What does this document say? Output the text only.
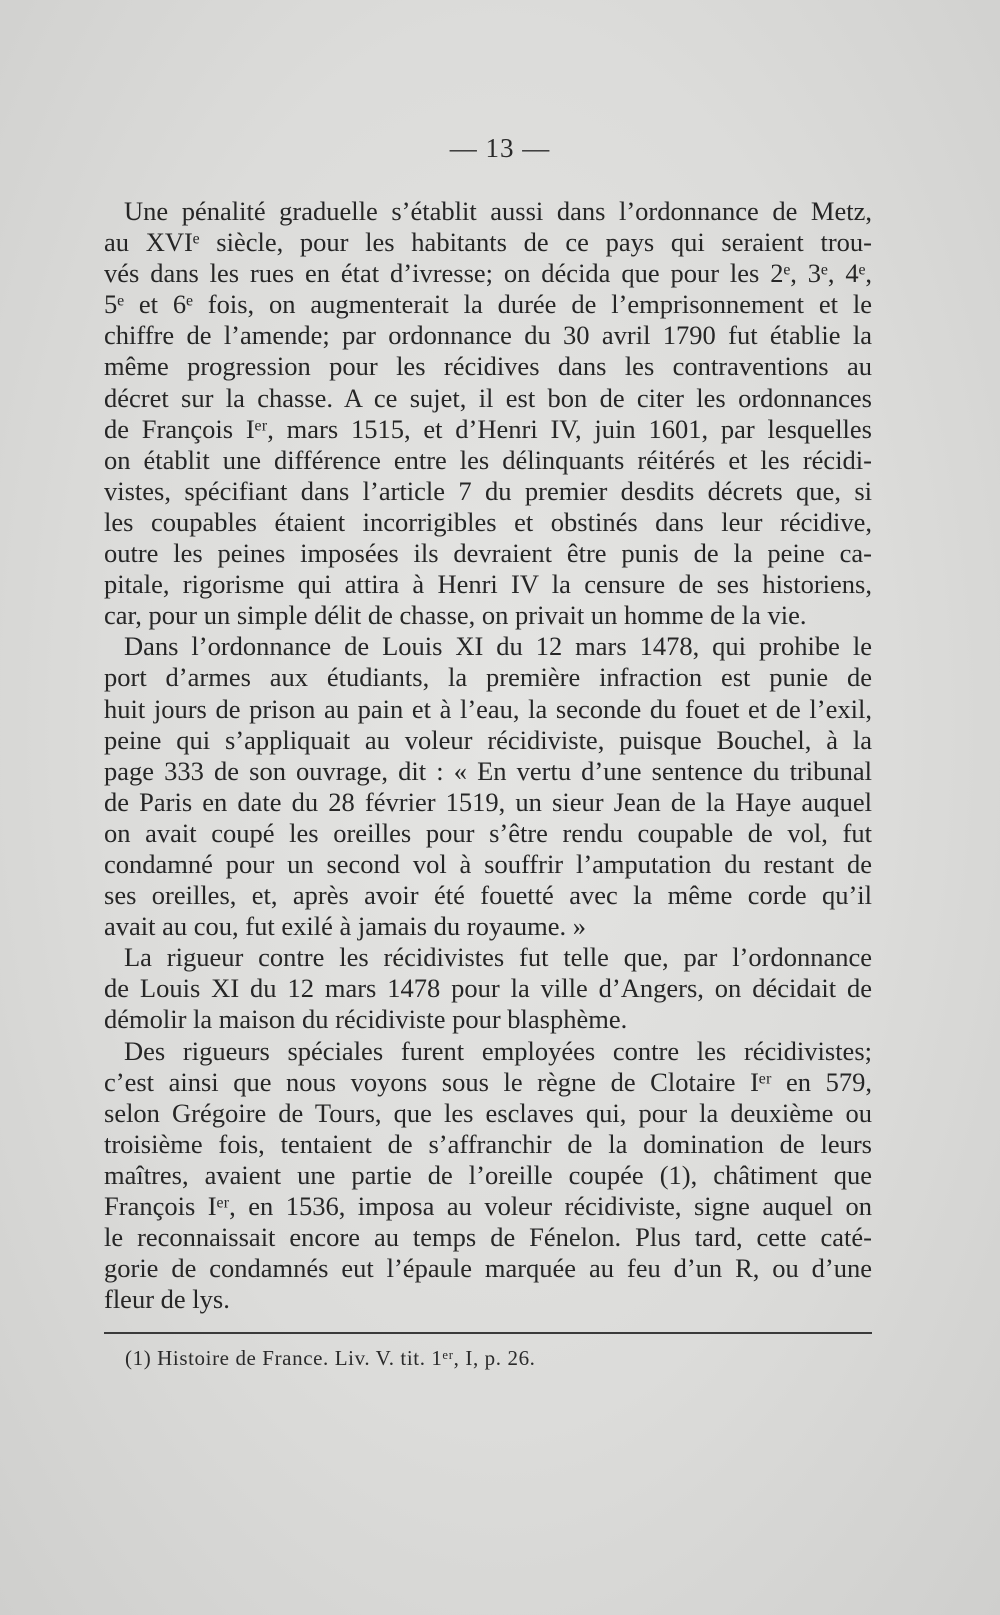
— 13 —
Une pénalité graduelle s’établit aussi dans l’ordonnance de Metz,
au XVIᵉ siècle, pour les habitants de ce pays qui seraient trou-
vés dans les rues en état d’ivresse; on décida que pour les 2ᵉ, 3ᵉ, 4ᵉ,
5ᵉ et 6ᵉ fois, on augmenterait la durée de l’emprisonnement et le
chiffre de l’amende; par ordonnance du 30 avril 1790 fut établie la
même progression pour les récidives dans les contraventions au
décret sur la chasse. A ce sujet, il est bon de citer les ordonnances
de François Iᵉʳ, mars 1515, et d’Henri IV, juin 1601, par lesquelles
on établit une différence entre les délinquants réitérés et les récidi-
vistes, spécifiant dans l’article 7 du premier desdits décrets que, si
les coupables étaient incorrigibles et obstinés dans leur récidive,
outre les peines imposées ils devraient être punis de la peine ca-
pitale, rigorisme qui attira à Henri IV la censure de ses historiens,
car, pour un simple délit de chasse, on privait un homme de la vie.
Dans l’ordonnance de Louis XI du 12 mars 1478, qui prohibe le
port d’armes aux étudiants, la première infraction est punie de
huit jours de prison au pain et à l’eau, la seconde du fouet et de l’exil,
peine qui s’appliquait au voleur récidiviste, puisque Bouchel, à la
page 333 de son ouvrage, dit : « En vertu d’une sentence du tribunal
de Paris en date du 28 février 1519, un sieur Jean de la Haye auquel
on avait coupé les oreilles pour s’être rendu coupable de vol, fut
condamné pour un second vol à souffrir l’amputation du restant de
ses oreilles, et, après avoir été fouetté avec la même corde qu’il
avait au cou, fut exilé à jamais du royaume. »
La rigueur contre les récidivistes fut telle que, par l’ordonnance
de Louis XI du 12 mars 1478 pour la ville d’Angers, on décidait de
démolir la maison du récidiviste pour blasphème.
Des rigueurs spéciales furent employées contre les récidivistes;
c’est ainsi que nous voyons sous le règne de Clotaire Iᵉʳ en 579,
selon Grégoire de Tours, que les esclaves qui, pour la deuxième ou
troisième fois, tentaient de s’affranchir de la domination de leurs
maîtres, avaient une partie de l’oreille coupée (1), châtiment que
François Iᵉʳ, en 1536, imposa au voleur récidiviste, signe auquel on
le reconnaissait encore au temps de Fénelon. Plus tard, cette caté-
gorie de condamnés eut l’épaule marquée au feu d’un R, ou d’une
fleur de lys.
(1) Histoire de France. Liv. V. tit. 1ᵉʳ, I, p. 26.
